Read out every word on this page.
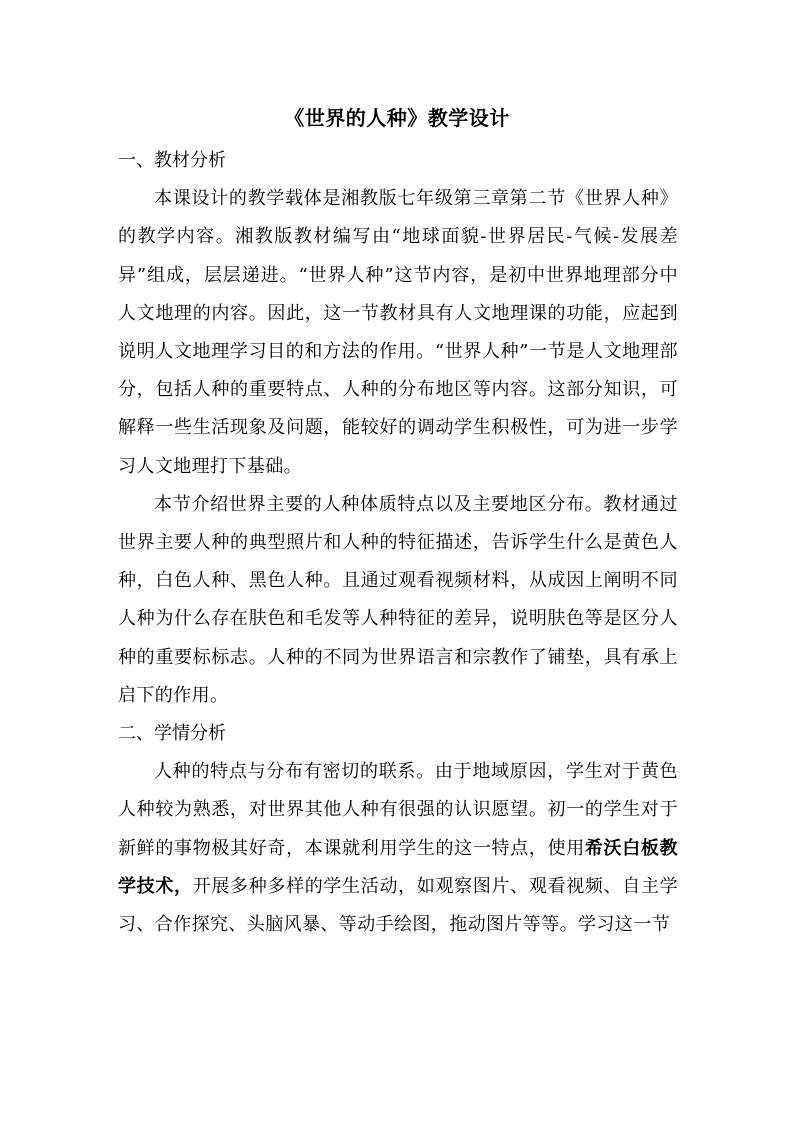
《世界的人种》教学设计

一、教材分析

本课设计的教学载体是湘教版七年级第三章第二节《世界人种》的教学内容。湘教版教材编写由“地球面貌-世界居民-气候-发展差异”组成，层层递进。“世界人种”这节内容，是初中世界地理部分中人文地理的内容。因此，这一节教材具有人文地理课的功能，应起到说明人文地理学习目的和方法的作用。“世界人种”一节是人文地理部分，包括人种的重要特点、人种的分布地区等内容。这部分知识，可解释一些生活现象及问题，能较好的调动学生积极性，可为进一步学习人文地理打下基础。

本节介绍世界主要的人种体质特点以及主要地区分布。教材通过世界主要人种的典型照片和人种的特征描述，告诉学生什么是黄色人种，白色人种、黑色人种。且通过观看视频材料，从成因上阐明不同人种为什么存在肤色和毛发等人种特征的差异，说明肤色等是区分人种的重要标标志。人种的不同为世界语言和宗教作了铺垫，具有承上启下的作用。

二、学情分析

人种的特点与分布有密切的联系。由于地域原因，学生对于黄色人种较为熟悉，对世界其他人种有很强的认识愿望。初一的学生对于新鲜的事物极其好奇，本课就利用学生的这一特点，使用希沃白板教学技术，开展多种多样的学生活动，如观察图片、观看视频、自主学习、合作探究、头脑风暴、等动手绘图，拖动图片等等。学习这一节
